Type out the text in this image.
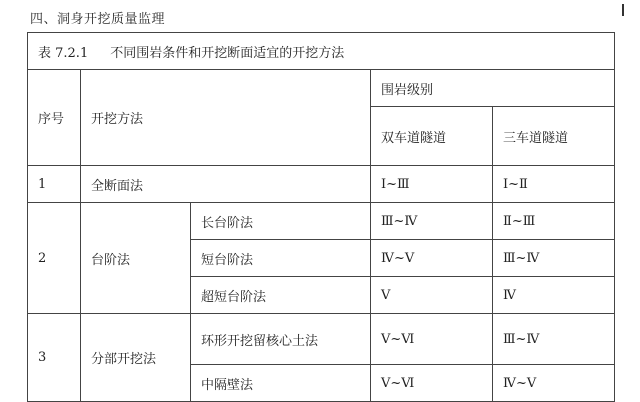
四、洞身开挖质量监理
表 7.2.1 不同围岩条件和开挖断面适宜的开挖方法				
序号	开挖方法		围岩级别	
			双车道隧道	三车道隧道
1	全断面法		Ⅰ~Ⅲ	Ⅰ~Ⅱ
2	台阶法	长台阶法	Ⅲ~Ⅳ	Ⅱ~Ⅲ
		短台阶法	Ⅳ~Ⅴ	Ⅲ~Ⅳ
		超短台阶法	Ⅴ	Ⅳ
3	分部开挖法	环形开挖留核心土法	Ⅴ~Ⅵ	Ⅲ~Ⅳ
		中隔壁法	Ⅴ~Ⅵ	Ⅳ~Ⅴ
